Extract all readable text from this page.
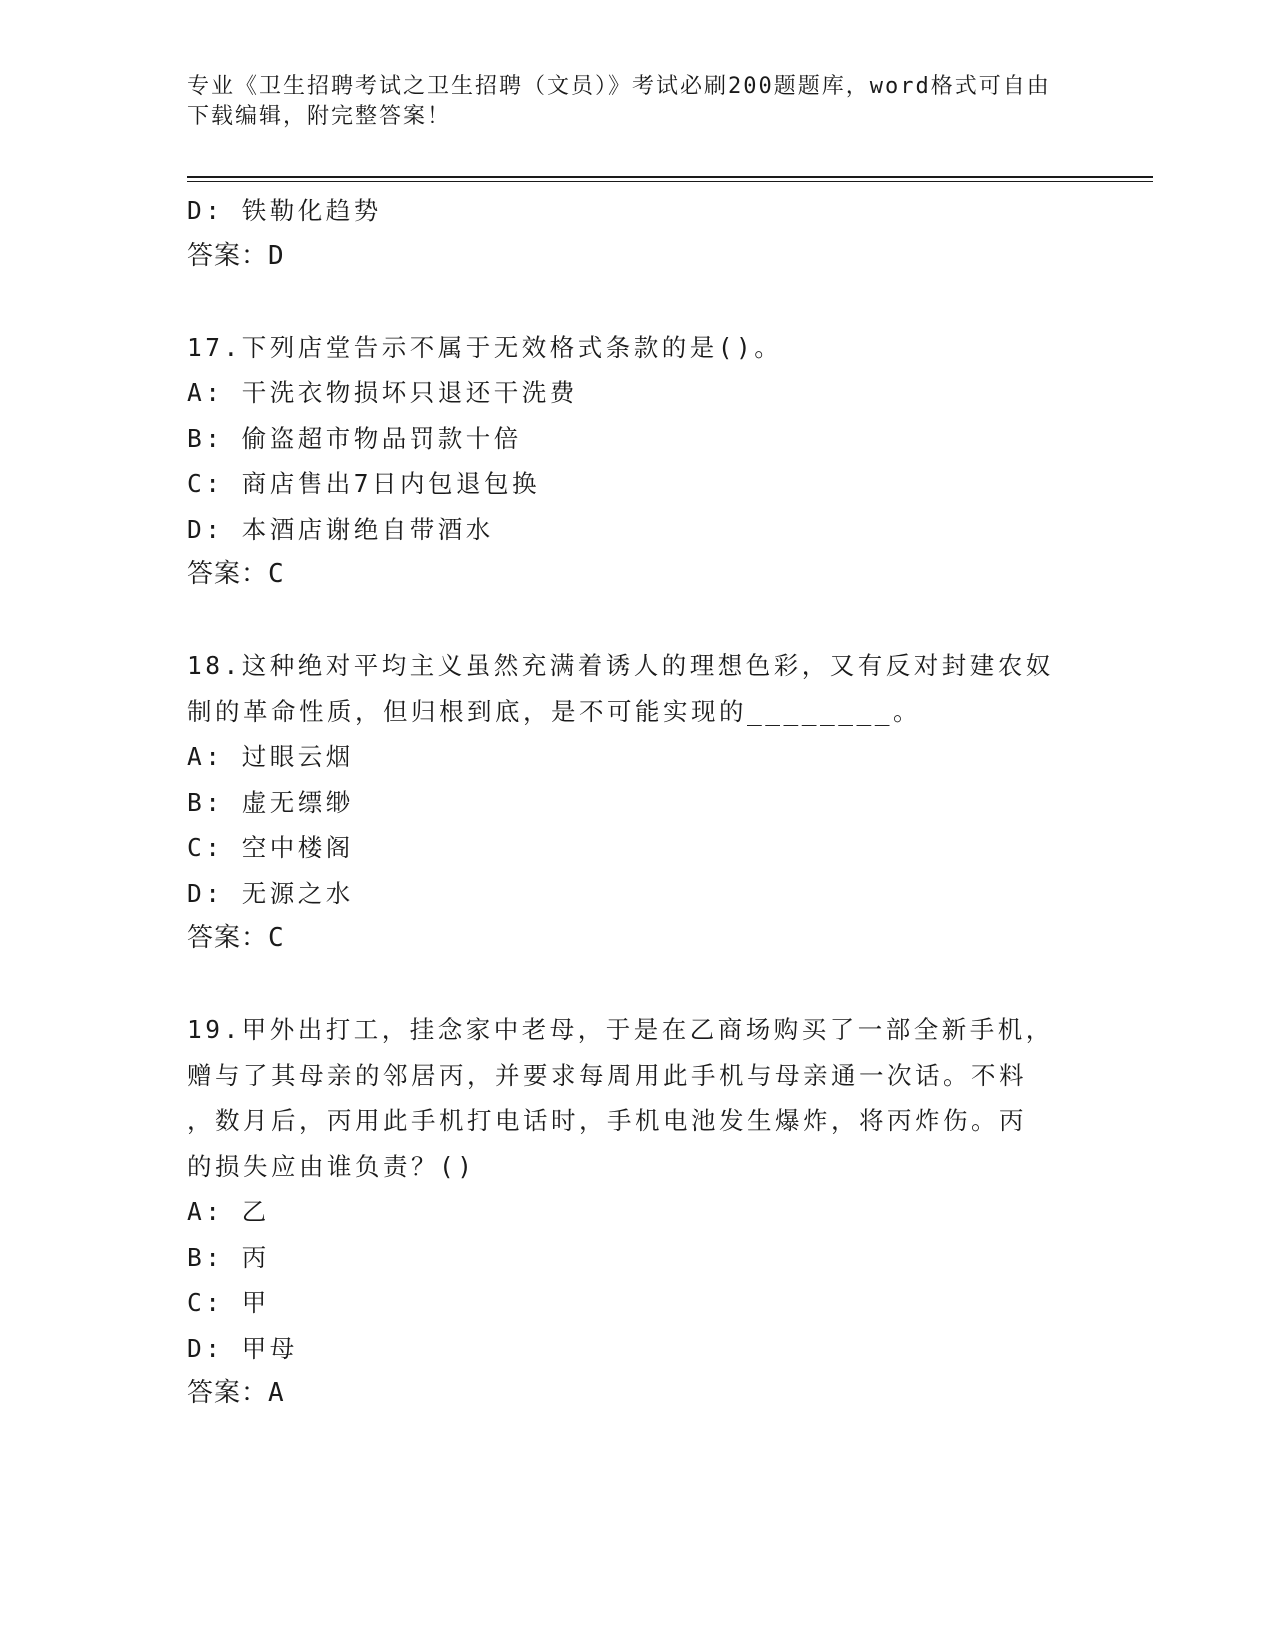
专业《卫生招聘考试之卫生招聘（文员）》考试必刷200题题库，word格式可自由下载编辑，附完整答案！
D: 铁勒化趋势
答案：D
17.下列店堂告示不属于无效格式条款的是()。
A: 干洗衣物损坏只退还干洗费
B: 偷盗超市物品罚款十倍
C: 商店售出7日内包退包换
D: 本酒店谢绝自带酒水
答案：C
18.这种绝对平均主义虽然充满着诱人的理想色彩，又有反对封建农奴
制的革命性质，但归根到底，是不可能实现的________。
A: 过眼云烟
B: 虚无缥缈
C: 空中楼阁
D: 无源之水
答案：C
19.甲外出打工，挂念家中老母，于是在乙商场购买了一部全新手机，
赠与了其母亲的邻居丙，并要求每周用此手机与母亲通一次话。不料
，数月后，丙用此手机打电话时，手机电池发生爆炸，将丙炸伤。丙
的损失应由谁负责？()
A: 乙
B: 丙
C: 甲
D: 甲母
答案：A
